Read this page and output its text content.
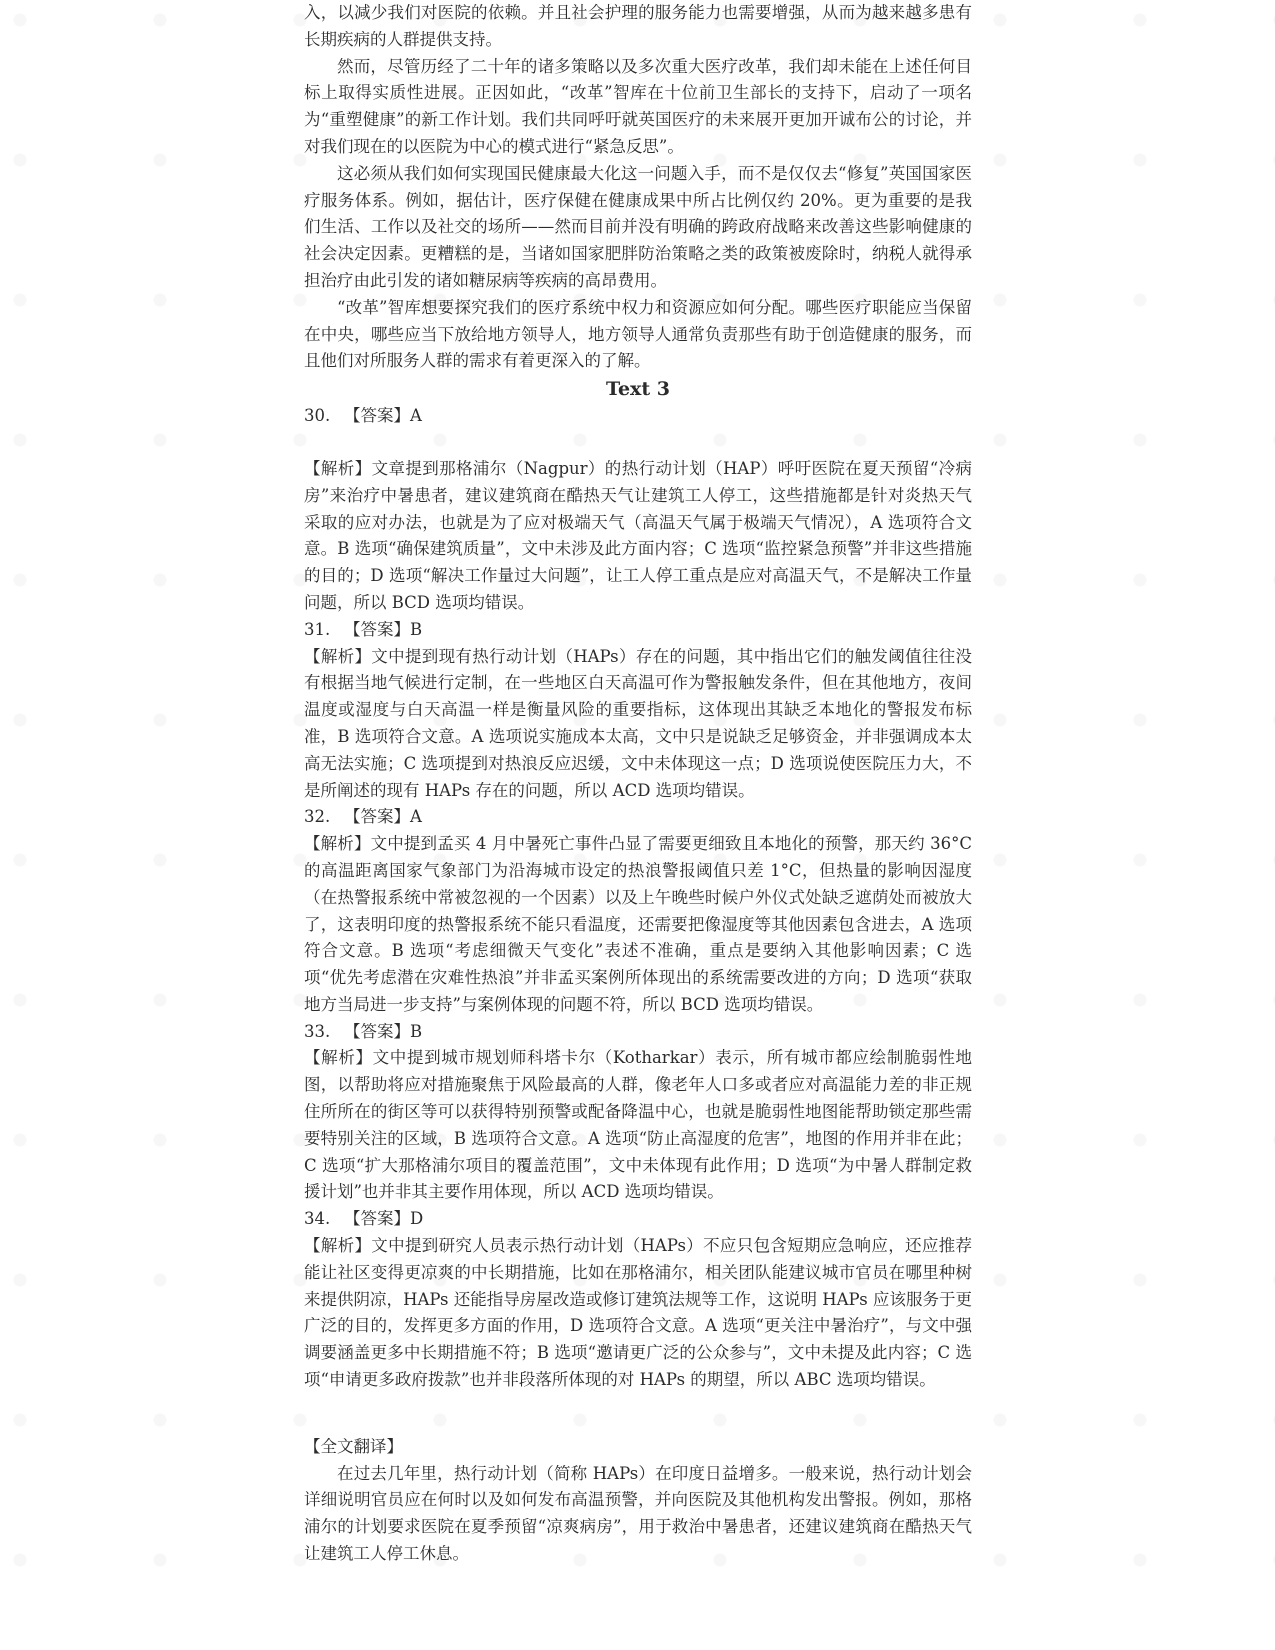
入，以减少我们对医院的依赖。并且社会护理的服务能力也需要增强，从而为越来越多患有长期疾病的人群提供支持。

然而，尽管历经了二十年的诸多策略以及多次重大医疗改革，我们却未能在上述任何目标上取得实质性进展。正因如此，“改革”智库在十位前卫生部长的支持下，启动了一项名为“重塑健康”的新工作计划。我们共同呼吁就英国医疗的未来展开更加开诚布公的讨论，并对我们现在的以医院为中心的模式进行“紧急反思”。

这必须从我们如何实现国民健康最大化这一问题入手，而不是仅仅去“修复”英国国家医疗服务体系。例如，据估计，医疗保健在健康成果中所占比例仅约 20%。更为重要的是我们生活、工作以及社交的场所——然而目前并没有明确的跨政府战略来改善这些影响健康的社会决定因素。更糟糕的是，当诸如国家肥胖防治策略之类的政策被废除时，纳税人就得承担治疗由此引发的诸如糖尿病等疾病的高昂费用。

“改革”智库想要探究我们的医疗系统中权力和资源应如何分配。哪些医疗职能应当保留在中央，哪些应当下放给地方领导人，地方领导人通常负责那些有助于创造健康的服务，而且他们对所服务人群的需求有着更深入的了解。

Text 3

30. 【答案】A

【解析】文章提到那格浦尔（Nagpur）的热行动计划（HAP）呼吁医院在夏天预留“冷病房”来治疗中暑患者，建议建筑商在酷热天气让建筑工人停工，这些措施都是针对炎热天气采取的应对办法，也就是为了应对极端天气（高温天气属于极端天气情况），A 选项符合文意。B 选项“确保建筑质量”，文中未涉及此方面内容；C 选项“监控紧急预警”并非这些措施的目的；D 选项“解决工作量过大问题”，让工人停工重点是应对高温天气，不是解决工作量问题，所以 BCD 选项均错误。

31. 【答案】B

【解析】文中提到现有热行动计划（HAPs）存在的问题，其中指出它们的触发阈值往往没有根据当地气候进行定制，在一些地区白天高温可作为警报触发条件，但在其他地方，夜间温度或湿度与白天高温一样是衡量风险的重要指标，这体现出其缺乏本地化的警报发布标准，B 选项符合文意。A 选项说实施成本太高，文中只是说缺乏足够资金，并非强调成本太高无法实施；C 选项提到对热浪反应迟缓，文中未体现这一点；D 选项说使医院压力大，不是所阐述的现有 HAPs 存在的问题，所以 ACD 选项均错误。

32. 【答案】A

【解析】文中提到孟买 4 月中暑死亡事件凸显了需要更细致且本地化的预警，那天约 36°C 的高温距离国家气象部门为沿海城市设定的热浪警报阈值只差 1°C，但热量的影响因湿度（在热警报系统中常被忽视的一个因素）以及上午晚些时候户外仪式处缺乏遮荫处而被放大了，这表明印度的热警报系统不能只看温度，还需要把像湿度等其他因素包含进去，A 选项符合文意。B 选项“考虑细微天气变化”表述不准确，重点是要纳入其他影响因素；C 选项“优先考虑潜在灾难性热浪”并非孟买案例所体现出的系统需要改进的方向；D 选项“获取地方当局进一步支持”与案例体现的问题不符，所以 BCD 选项均错误。

33. 【答案】B

【解析】文中提到城市规划师科塔卡尔（Kotharkar）表示，所有城市都应绘制脆弱性地图，以帮助将应对措施聚焦于风险最高的人群，像老年人口多或者应对高温能力差的非正规住所所在的街区等可以获得特别预警或配备降温中心，也就是脆弱性地图能帮助锁定那些需要特别关注的区域，B 选项符合文意。A 选项“防止高湿度的危害”，地图的作用并非在此；C 选项“扩大那格浦尔项目的覆盖范围”，文中未体现有此作用；D 选项“为中暑人群制定救援计划”也并非其主要作用体现，所以 ACD 选项均错误。

34. 【答案】D

【解析】文中提到研究人员表示热行动计划（HAPs）不应只包含短期应急响应，还应推荐能让社区变得更凉爽的中长期措施，比如在那格浦尔，相关团队能建议城市官员在哪里种树来提供阴凉，HAPs 还能指导房屋改造或修订建筑法规等工作，这说明 HAPs 应该服务于更广泛的目的，发挥更多方面的作用，D 选项符合文意。A 选项“更关注中暑治疗”，与文中强调要涵盖更多中长期措施不符；B 选项“邀请更广泛的公众参与”，文中未提及此内容；C 选项“申请更多政府拨款”也并非段落所体现的对 HAPs 的期望，所以 ABC 选项均错误。

【全文翻译】

在过去几年里，热行动计划（简称 HAPs）在印度日益增多。一般来说，热行动计划会详细说明官员应在何时以及如何发布高温预警，并向医院及其他机构发出警报。例如，那格浦尔的计划要求医院在夏季预留“凉爽病房”，用于救治中暑患者，还建议建筑商在酷热天气让建筑工人停工休息。
